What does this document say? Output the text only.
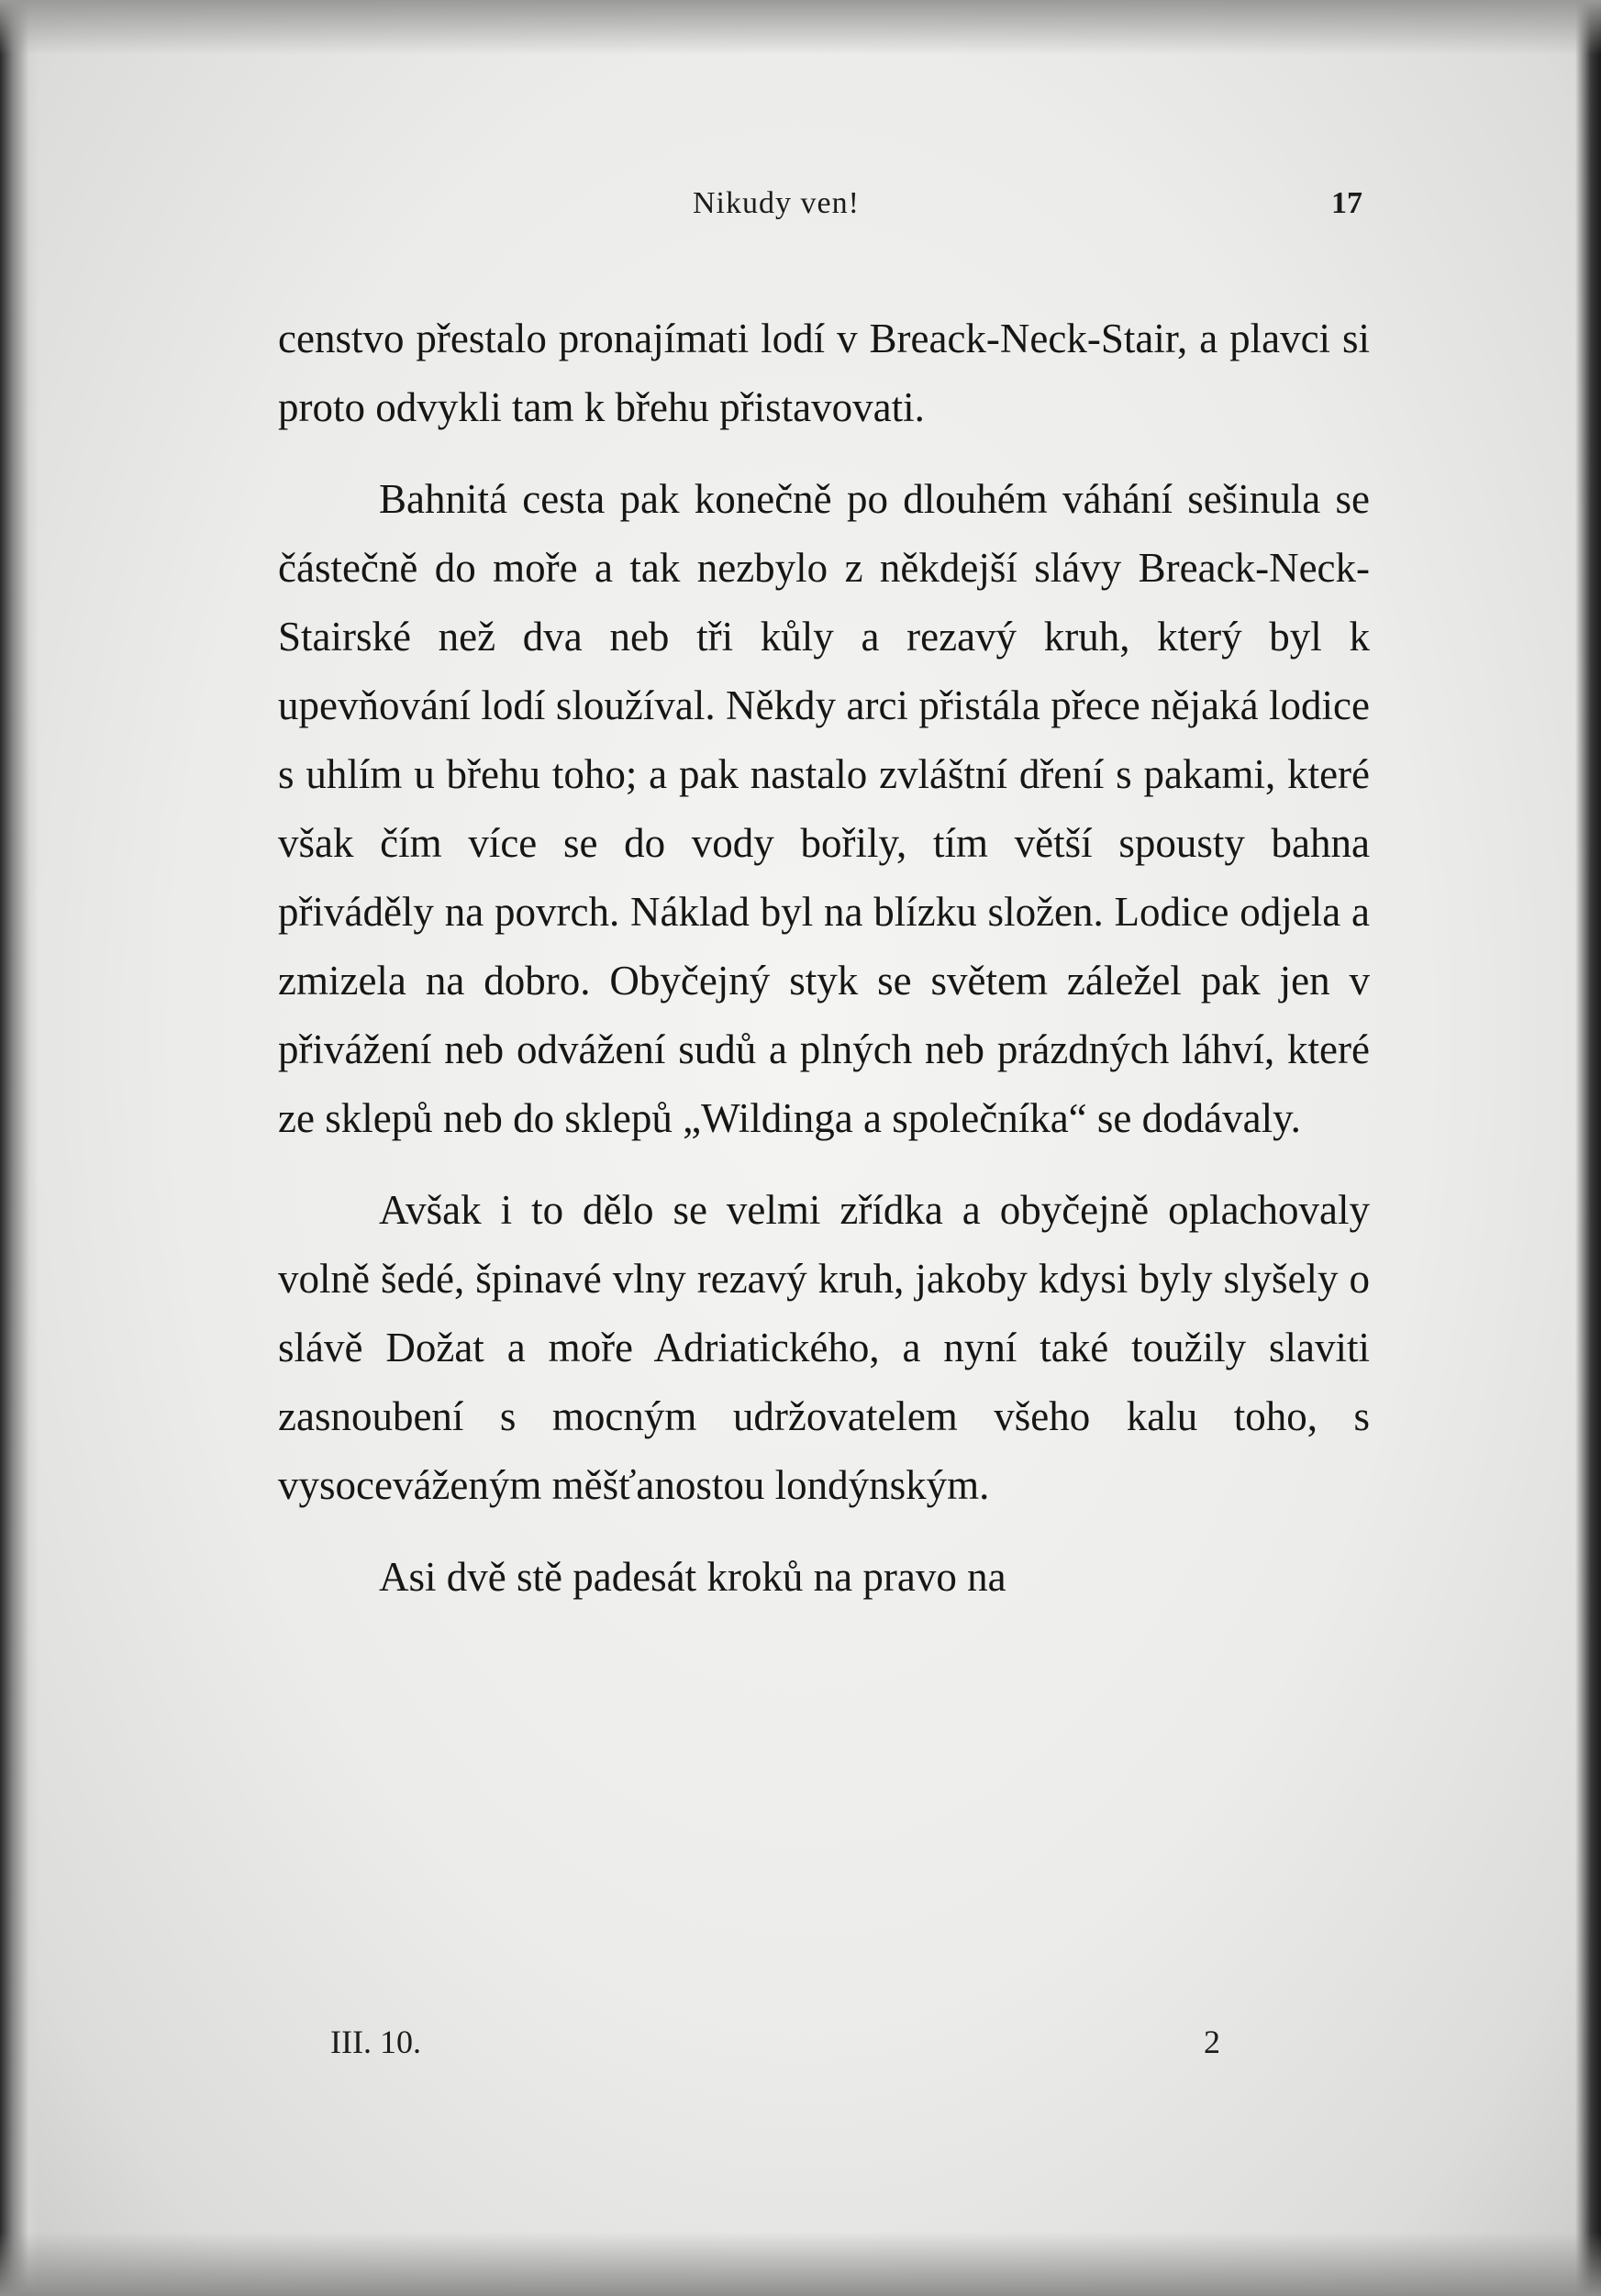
Nikudy ven!	17

censtvo přestalo pronajímati lodí v Breack-Neck-Stair, a plavci si proto odvykli tam k břehu přistavovati.

Bahnitá cesta pak konečně po dlouhém váhání sešinula se částečně do moře a tak nezbylo z někdejší slávy Breack-Neck-Stairské než dva neb tři kůly a rezavý kruh, který byl k upevňování lodí sloužíval. Někdy arci přistála přece nějaká lodice s uhlím u břehu toho; a pak nastalo zvláštní dření s pakami, které však čím více se do vody bořily, tím větší spousty bahna přiváděly na povrch. Náklad byl na blízku složen. Lodice odjela a zmizela na dobro. Obyčejný styk se světem záležel pak jen v přivážení neb odvážení sudů a plných neb prázdných láhví, které ze sklepů neb do sklepů „Wildinga a společníka“ se dodávaly.

Avšak i to dělo se velmi zřídka a obyčejně oplachovaly volně šedé, špinavé vlny rezavý kruh, jakoby kdysi byly slyšely o slávě Dožat a moře Adriatického, a nyní také toužily slaviti zasnoubení s mocným udržovatelem všeho kalu toho, s vysoceváženým měšťanostou londýnským.

Asi dvě stě padesát kroků na pravo na

III. 10.	2
